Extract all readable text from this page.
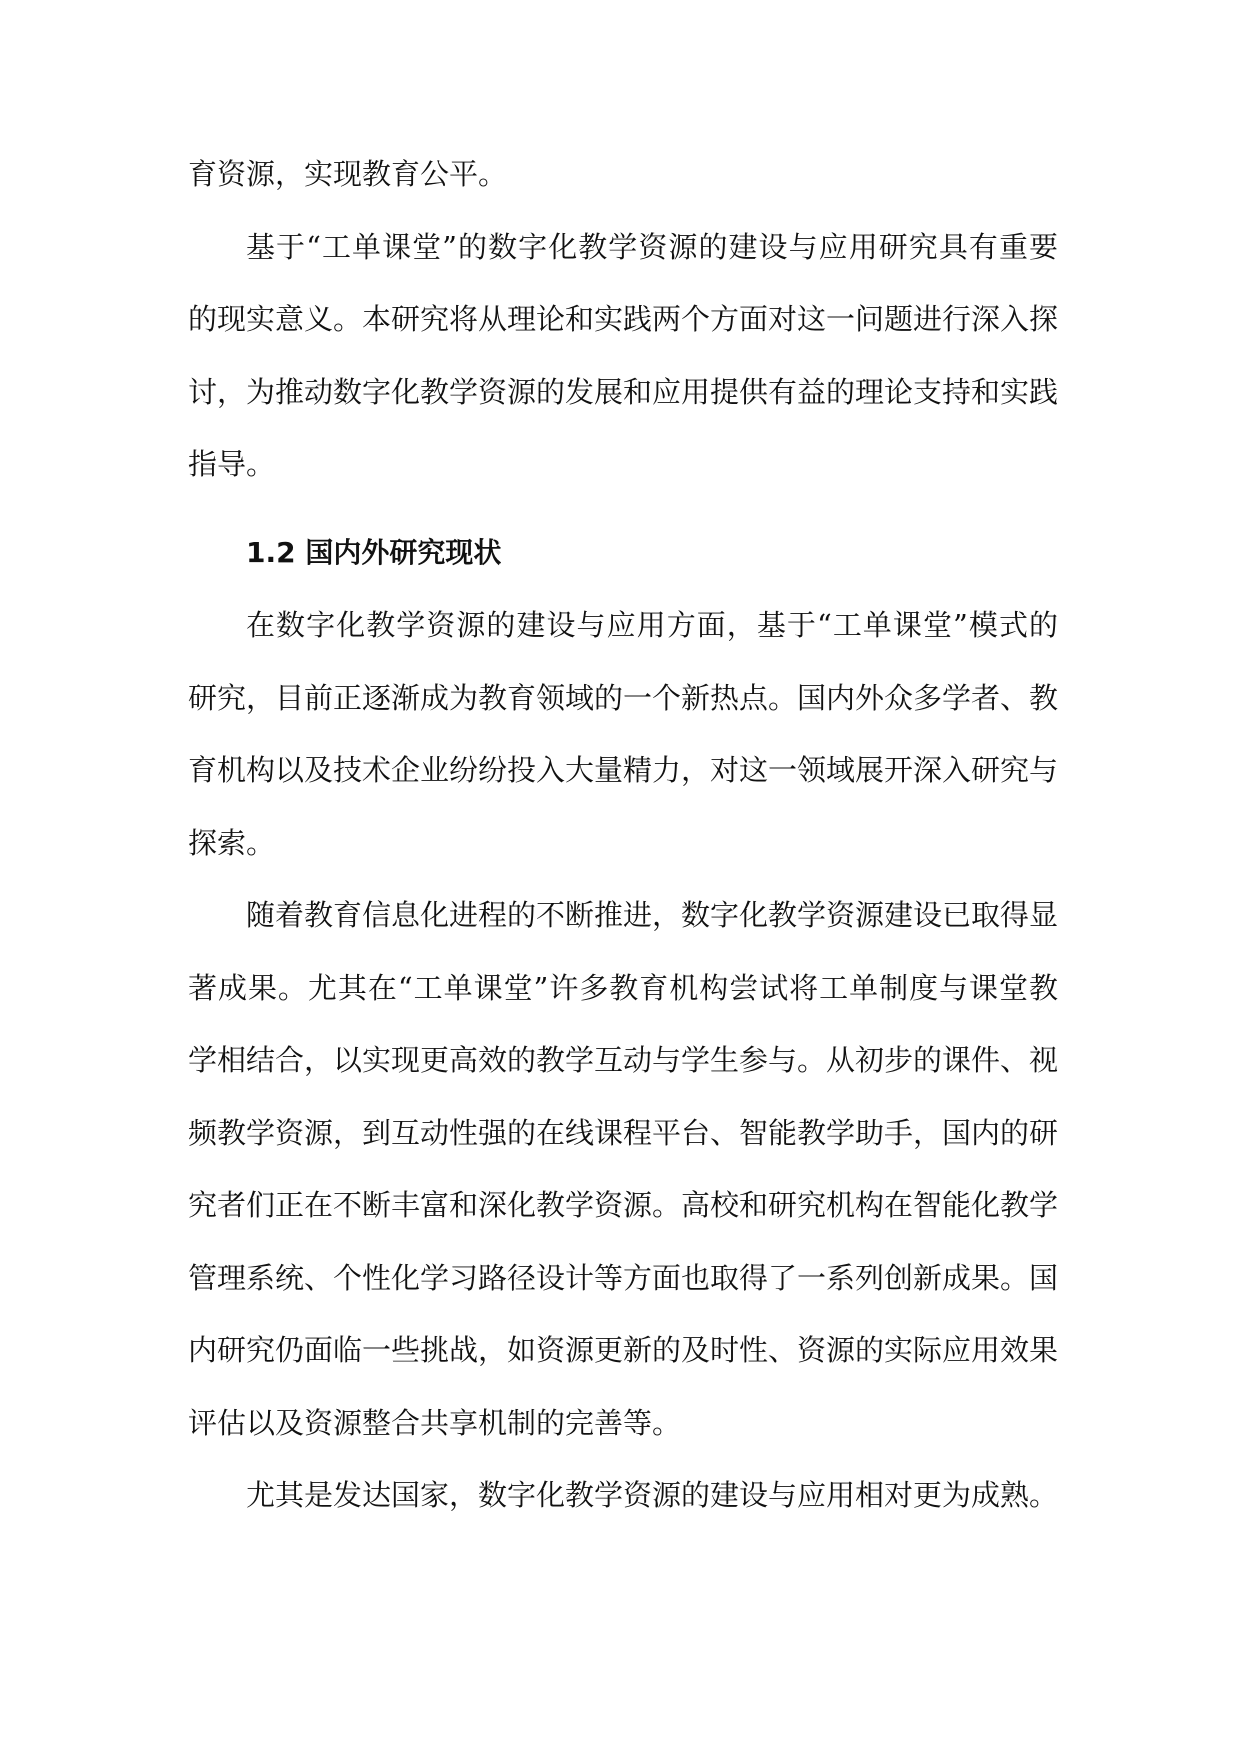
育资源，实现教育公平。

基于“工单课堂”的数字化教学资源的建设与应用研究具有重要的现实意义。本研究将从理论和实践两个方面对这一问题进行深入探讨，为推动数字化教学资源的发展和应用提供有益的理论支持和实践指导。

1.2 国内外研究现状

在数字化教学资源的建设与应用方面，基于“工单课堂”模式的研究，目前正逐渐成为教育领域的一个新热点。国内外众多学者、教育机构以及技术企业纷纷投入大量精力，对这一领域展开深入研究与探索。

随着教育信息化进程的不断推进，数字化教学资源建设已取得显著成果。尤其在“工单课堂”许多教育机构尝试将工单制度与课堂教学相结合，以实现更高效的教学互动与学生参与。从初步的课件、视频教学资源，到互动性强的在线课程平台、智能教学助手，国内的研究者们正在不断丰富和深化教学资源。高校和研究机构在智能化教学管理系统、个性化学习路径设计等方面也取得了一系列创新成果。国内研究仍面临一些挑战，如资源更新的及时性、资源的实际应用效果评估以及资源整合共享机制的完善等。

尤其是发达国家，数字化教学资源的建设与应用相对更为成熟。
